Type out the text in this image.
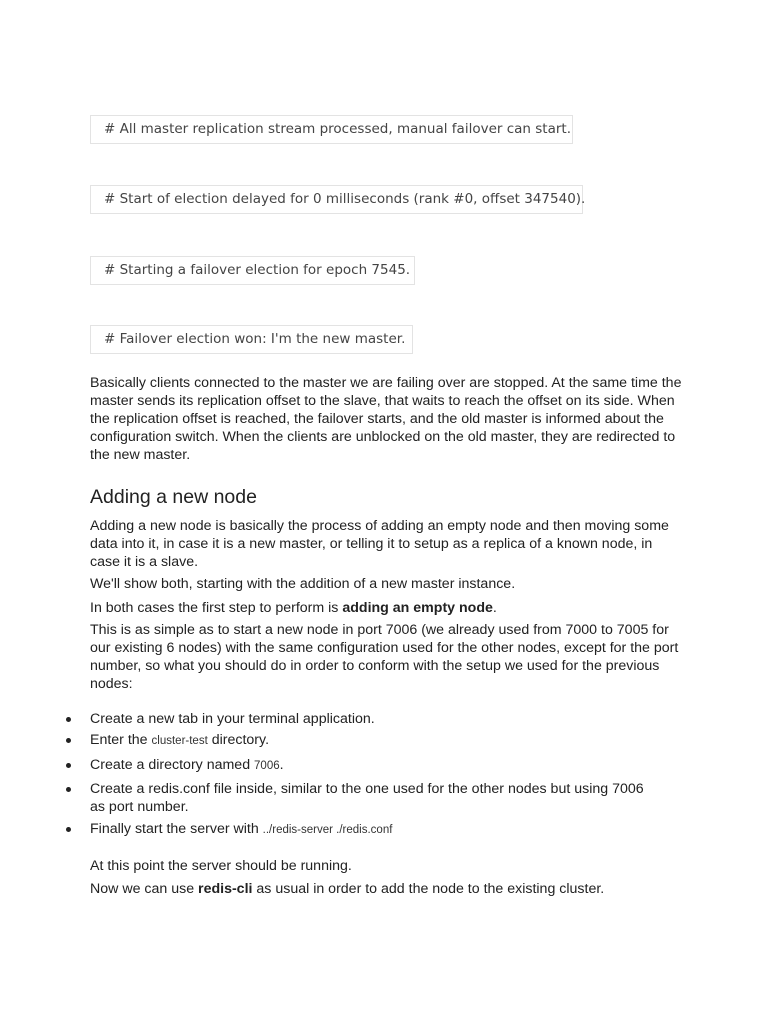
# All master replication stream processed, manual failover can start.
# Start of election delayed for 0 milliseconds (rank #0, offset 347540).
# Starting a failover election for epoch 7545.
# Failover election won: I'm the new master.

Basically clients connected to the master we are failing over are stopped. At the same time the master sends its replication offset to the slave, that waits to reach the offset on its side. When the replication offset is reached, the failover starts, and the old master is informed about the configuration switch. When the clients are unblocked on the old master, they are redirected to the new master.

Adding a new node

Adding a new node is basically the process of adding an empty node and then moving some data into it, in case it is a new master, or telling it to setup as a replica of a known node, in case it is a slave.

We'll show both, starting with the addition of a new master instance.

In both cases the first step to perform is adding an empty node.

This is as simple as to start a new node in port 7006 (we already used from 7000 to 7005 for our existing 6 nodes) with the same configuration used for the other nodes, except for the port number, so what you should do in order to conform with the setup we used for the previous nodes:

Create a new tab in your terminal application.
Enter the cluster-test directory.
Create a directory named 7006.
Create a redis.conf file inside, similar to the one used for the other nodes but using 7006 as port number.
Finally start the server with ../redis-server ./redis.conf

At this point the server should be running.

Now we can use redis-cli as usual in order to add the node to the existing cluster.
